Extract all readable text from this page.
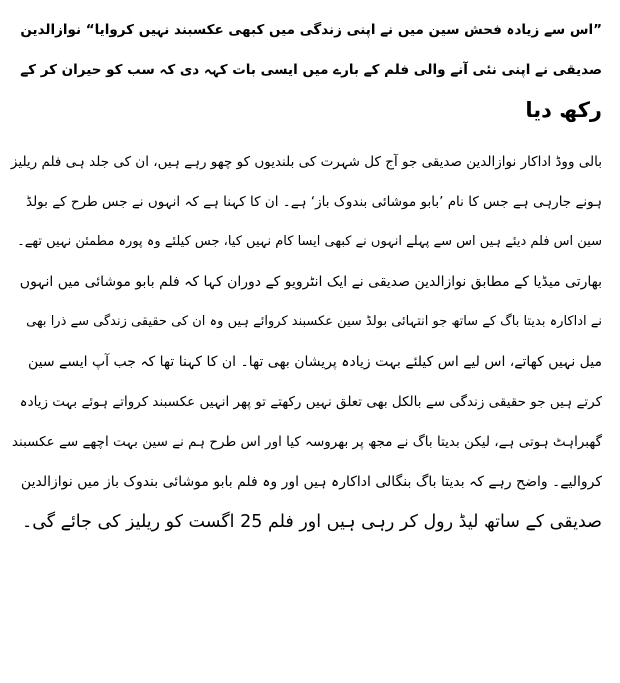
”اس سے زیادہ فحش سین میں نے اپنی زندگی میں کبھی عکسبند نہیں کروایا“ نوازالدین
صدیقی نے اپنی نئی آنے والی فلم کے بارے میں ایسی بات کہہ دی کہ سب کو حیران کر کے
رکھ دیا
بالی ووڈ اداکار نوازالدین صدیقی جو آج کل شہرت کی بلندیوں کو چھو رہے ہیں، ان کی جلد ہی فلم ریلیز
ہونے جارہی ہے جس کا نام ’بابو موشائی بندوک باز‘ ہے۔ ان کا کہنا ہے کہ انہوں نے جس طرح کے بولڈ
سین اس فلم دیئے ہیں اس سے پہلے انہوں نے کبھی ایسا کام نہیں کیا، جس کیلئے وہ پورہ مطمئن نہیں تھے۔
بھارتی میڈیا کے مطابق نوازالدین صدیقی نے ایک انٹرویو کے دوران کہا کہ فلم بابو موشائی میں انہوں
نے اداکارہ بدیتا باگ کے ساتھ جو انتہائی بولڈ سین عکسبند کروائے ہیں وہ ان کی حقیقی زندگی سے ذرا بھی
میل نہیں کھاتے، اس لیے اس کیلئے بہت زیادہ پریشان بھی تھا۔ ان کا کہنا تھا کہ جب آپ ایسے سین
کرتے ہیں جو حقیقی زندگی سے بالکل بھی تعلق نہیں رکھتے تو پھر انہیں عکسبند کرواتے ہوئے بہت زیادہ
گھبراہٹ ہوتی ہے، لیکن بدیتا باگ نے مجھ پر بھروسہ کیا اور اس طرح ہم نے سین بہت اچھے سے عکسبند
کروالیے۔ واضح رہے کہ بدیتا باگ بنگالی اداکارہ ہیں اور وہ فلم بابو موشائی بندوک باز میں نوازالدین
صدیقی کے ساتھ لیڈ رول کر رہی ہیں اور فلم 25 اگست کو ریلیز کی جائے گی۔
